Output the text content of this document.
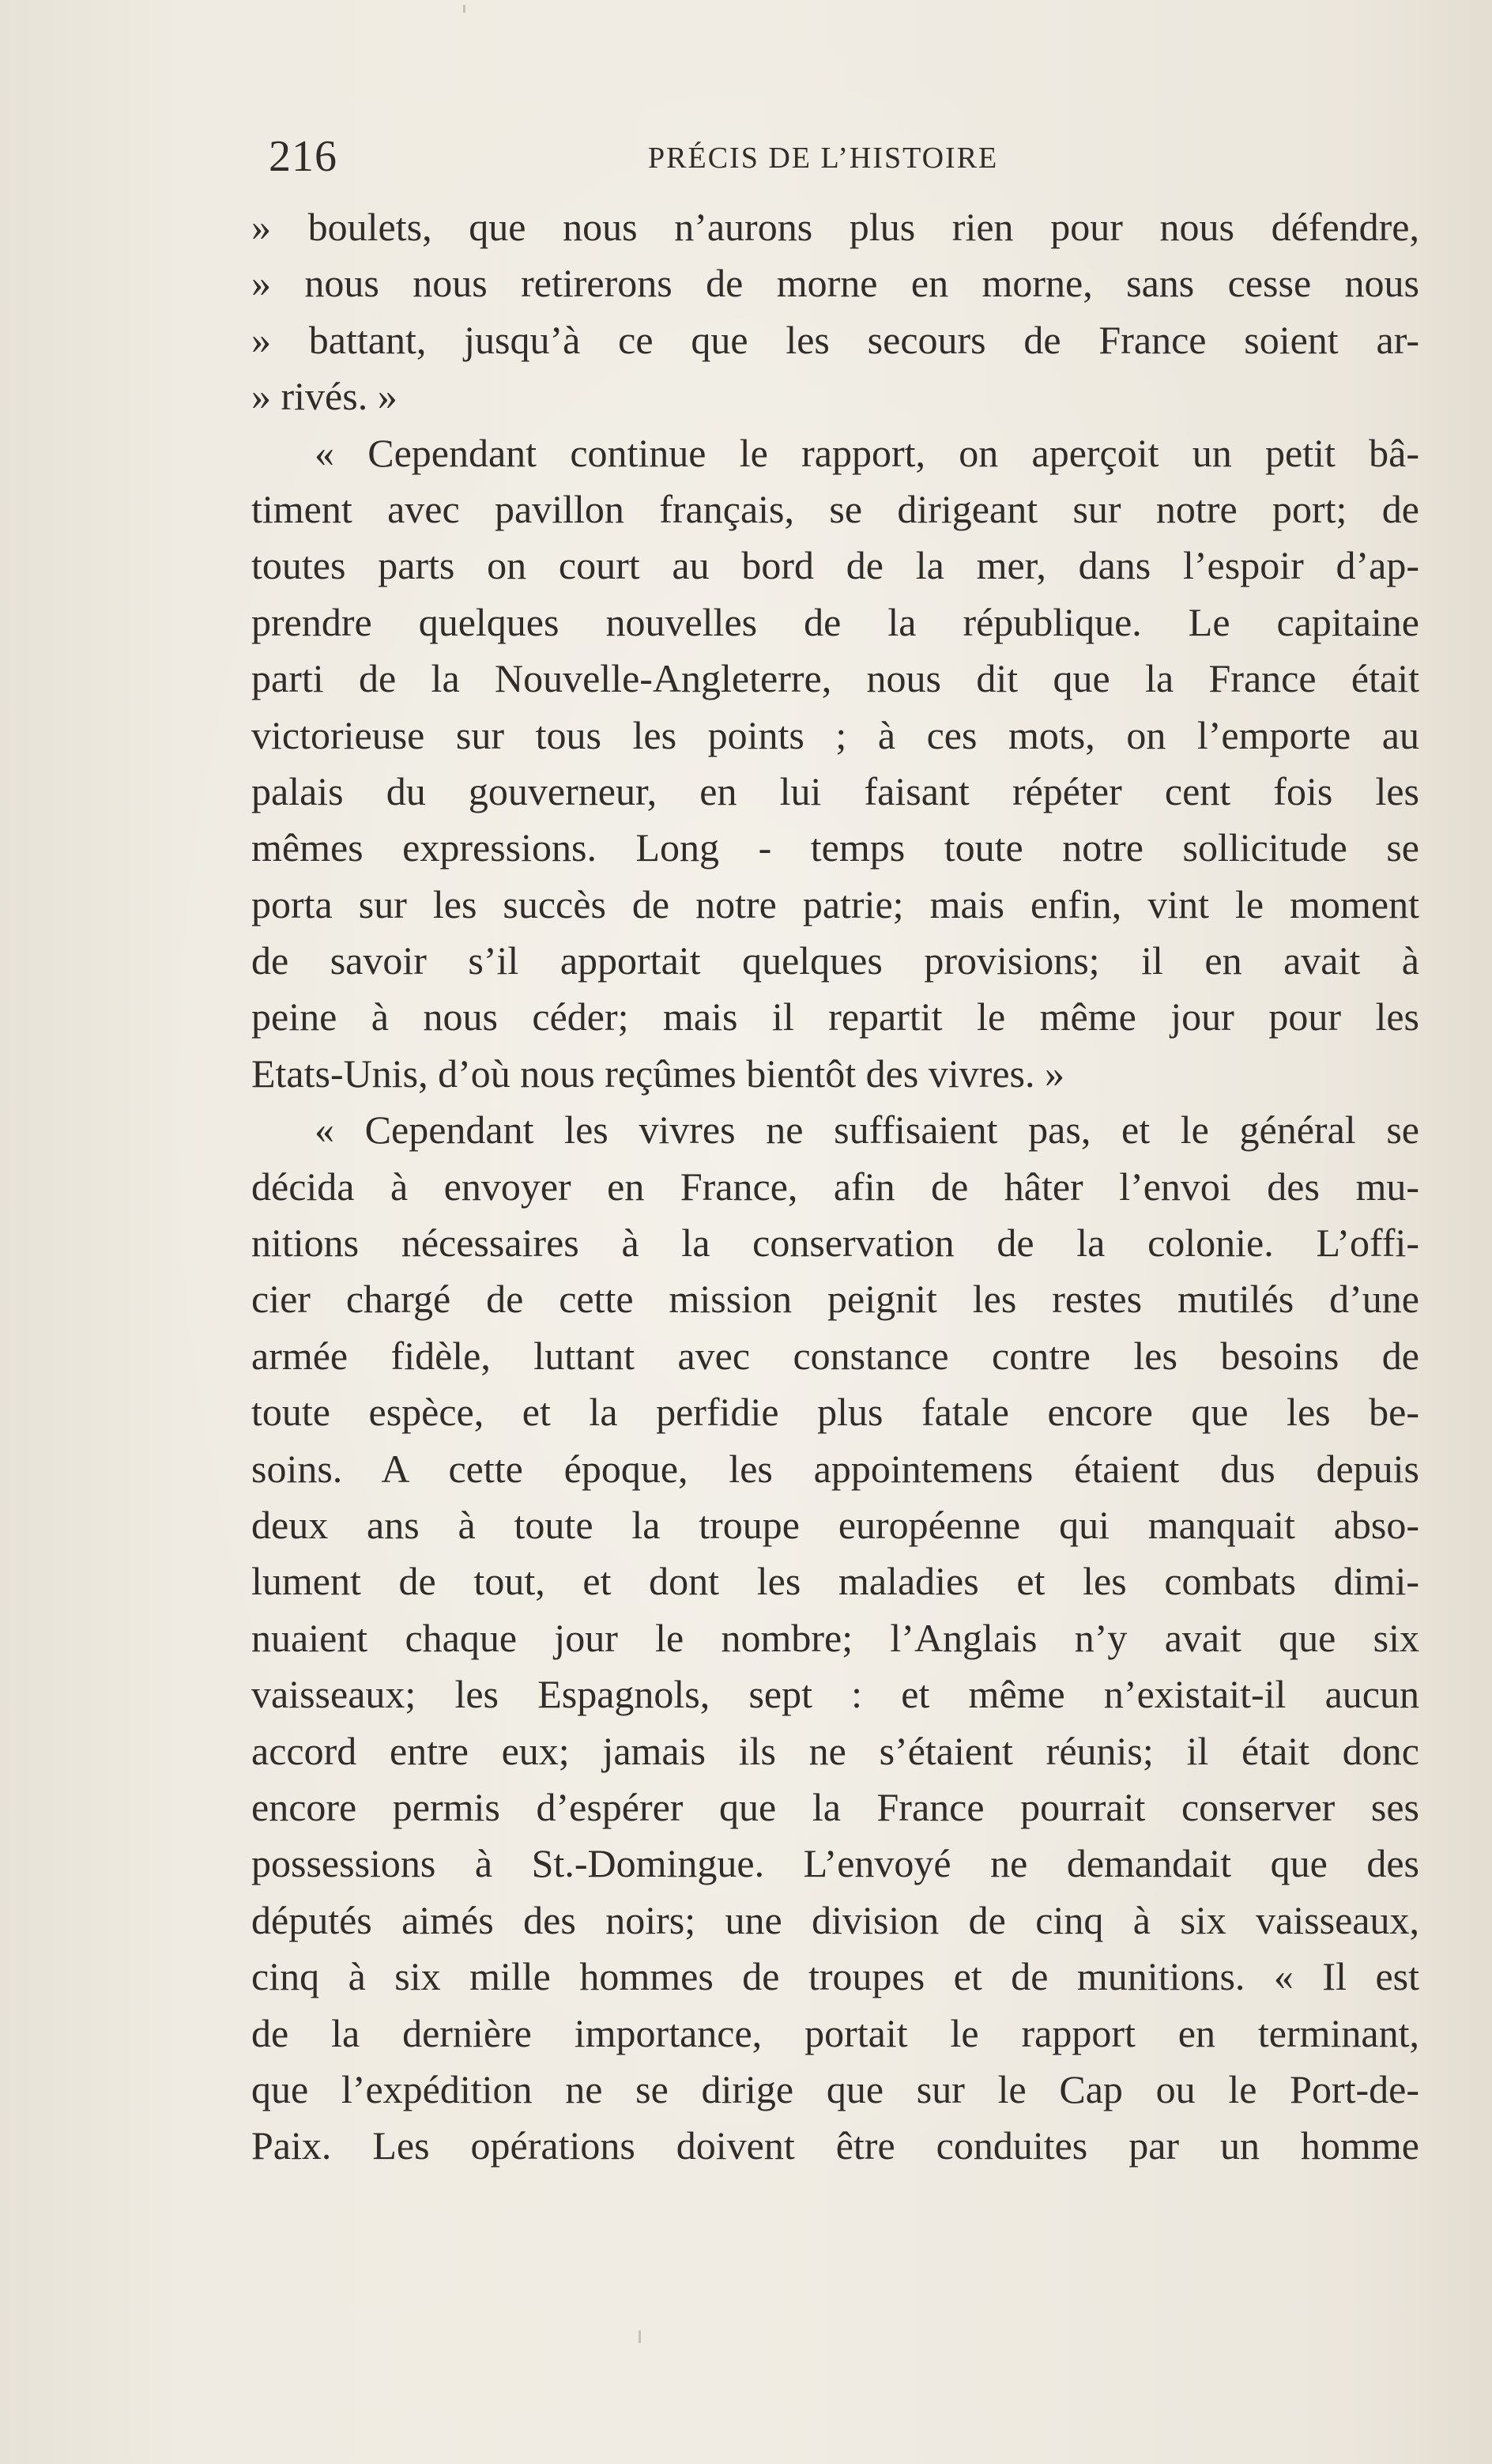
216	PRÉCIS DE L’HISTOIRE
» boulets, que nous n’aurons plus rien pour nous défendre,
» nous nous retirerons de morne en morne, sans cesse nous
» battant, jusqu’à ce que les secours de France soient ar-
» rivés. »
« Cependant continue le rapport, on aperçoit un petit bâ-
timent avec pavillon français, se dirigeant sur notre port; de
toutes parts on court au bord de la mer, dans l’espoir d’ap-
prendre quelques nouvelles de la république. Le capitaine
parti de la Nouvelle-Angleterre, nous dit que la France était
victorieuse sur tous les points ; à ces mots, on l’emporte au
palais du gouverneur, en lui faisant répéter cent fois les
mêmes expressions. Long - temps toute notre sollicitude se
porta sur les succès de notre patrie; mais enfin, vint le moment
de savoir s’il apportait quelques provisions; il en avait à
peine à nous céder; mais il repartit le même jour pour les
Etats-Unis, d’où nous reçûmes bientôt des vivres. »
« Cependant les vivres ne suffisaient pas, et le général se
décida à envoyer en France, afin de hâter l’envoi des mu-
nitions nécessaires à la conservation de la colonie. L’offi-
cier chargé de cette mission peignit les restes mutilés d’une
armée fidèle, luttant avec constance contre les besoins de
toute espèce, et la perfidie plus fatale encore que les be-
soins. A cette époque, les appointemens étaient dus depuis
deux ans à toute la troupe européenne qui manquait abso-
lument de tout, et dont les maladies et les combats dimi-
nuaient chaque jour le nombre; l’Anglais n’y avait que six
vaisseaux; les Espagnols, sept : et même n’existait-il aucun
accord entre eux; jamais ils ne s’étaient réunis; il était donc
encore permis d’espérer que la France pourrait conserver ses
possessions à St.-Domingue. L’envoyé ne demandait que des
députés aimés des noirs; une division de cinq à six vaisseaux,
cinq à six mille hommes de troupes et de munitions. « Il est
de la dernière importance, portait le rapport en terminant,
que l’expédition ne se dirige que sur le Cap ou le Port-de-
Paix. Les opérations doivent être conduites par un homme
